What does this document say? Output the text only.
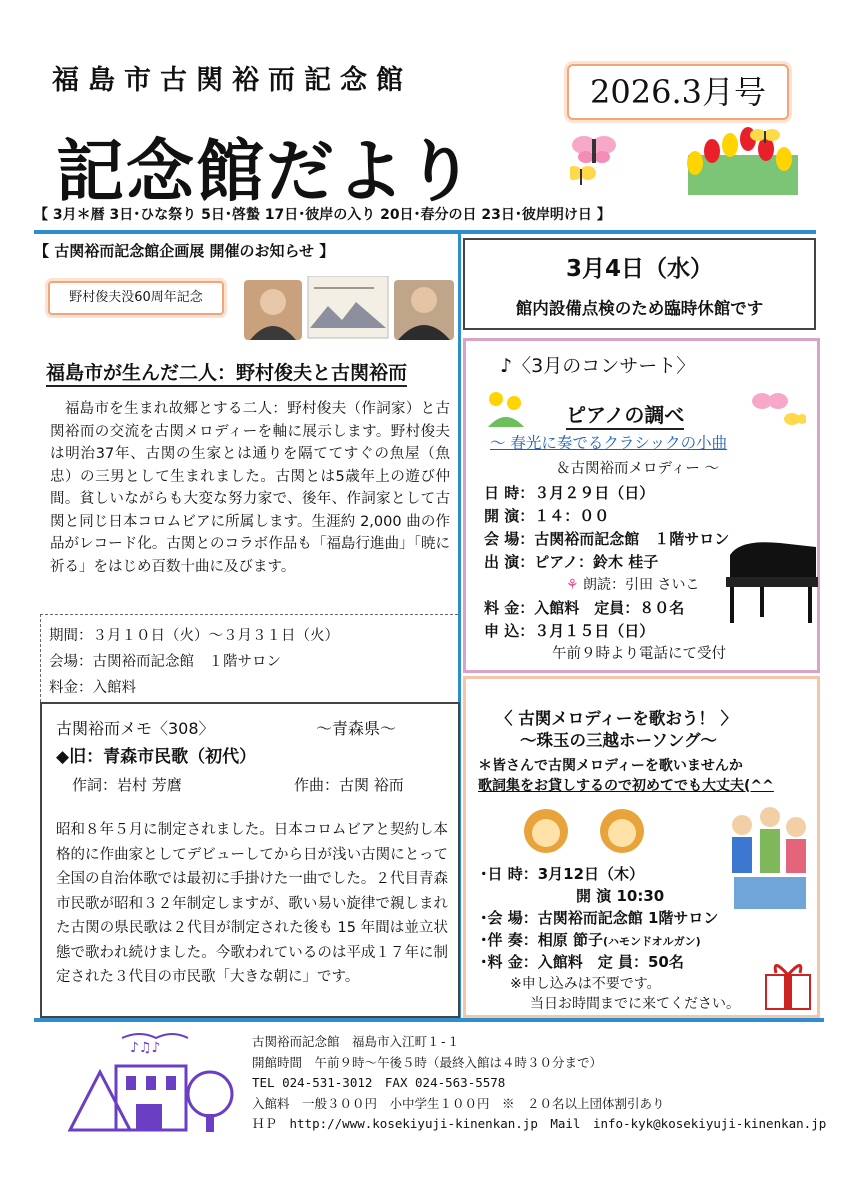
福島市古関裕而記念館	2026.3月号
記念館だより
【 3月＊暦 3日･ひな祭り 5日･啓蟄 17日･彼岸の入り 20日･春分の日 23日･彼岸明け日 】
【 古関裕而記念館企画展 開催のお知らせ 】
野村俊夫没60周年記念
福島市が生んだ二人：野村俊夫と古関裕而
　福島市を生まれ故郷とする二人：野村俊夫（作詞家）と古関裕而の交流を古関メロディーを軸に展示します。野村俊夫は明治37年、古関の生家とは通りを隔ててすぐの魚屋（魚忠）の三男として生まれました。古関とは5歳年上の遊び仲間。貧しいながらも大変な努力家で、後年、作詞家として古関と同じ日本コロムビアに所属します。生涯約 2,000 曲の作品がレコード化。古関とのコラボ作品も「福島行進曲」「暁に祈る」をはじめ百数十曲に及びます。
期間：３月１０日（火）～３月３１日（火）
会場：古関裕而記念館　１階サロン
料金：入館料
古関裕而メモ〈308〉	～青森県～
◆旧：青森市民歌（初代）
作詞：岩村 芳麿	作曲：古関 裕而
昭和８年５月に制定されました。日本コロムビアと契約し本格的に作曲家としてデビューしてから日が浅い古関にとって全国の自治体歌では最初に手掛けた一曲でした。２代目青森市民歌が昭和３２年制定しますが、歌い易い旋律で親しまれた古関の県民歌は２代目が制定された後も 15 年間は並立状態で歌われ続けました。今歌われているのは平成１７年に制定された３代目の市民歌「大きな朝に」です。
3月4日（水）
館内設備点検のため臨時休館です
♪〈3月のコンサート〉
ピアノの調べ
～ 春光に奏でるクラシックの小曲
＆古関裕而メロディー ～
日 時：３月２９日（日）
開 演：１４：００
会 場：古関裕而記念館　１階サロン
出 演：ピアノ：鈴木 桂子
⚘ 朗読：引田 さいこ
料 金：入館料　定員：８０名
申 込：３月１５日（日）
午前９時より電話にて受付
〈 古関メロディーを歌おう！ 〉
～珠玉の三越ホーソング～
＊皆さんで古関メロディーを歌いませんか
歌詞集をお貸しするので初めてでも大丈夫(^^
･日 時：3月12日（木）
開 演 10:30
･会 場：古関裕而記念館 1階サロン
･伴 奏：相原 節子(ハモンドオルガン)
･料 金：入館料　定 員：50名
※申し込みは不要です。
当日お時間までに来てください。
♪♫♪	古関裕而記念館　福島市入江町１-１
開館時間　午前９時～午後５時（最終入館は４時３０分まで）
TEL 024-531-3012　FAX 024-563-5578
入館料　一般３００円　小中学生１００円　※　２０名以上団体割引あり
ＨＰ　http://www.kosekiyuji-kinenkan.jp　Mail　info-kyk@kosekiyuji-kinenkan.jp
